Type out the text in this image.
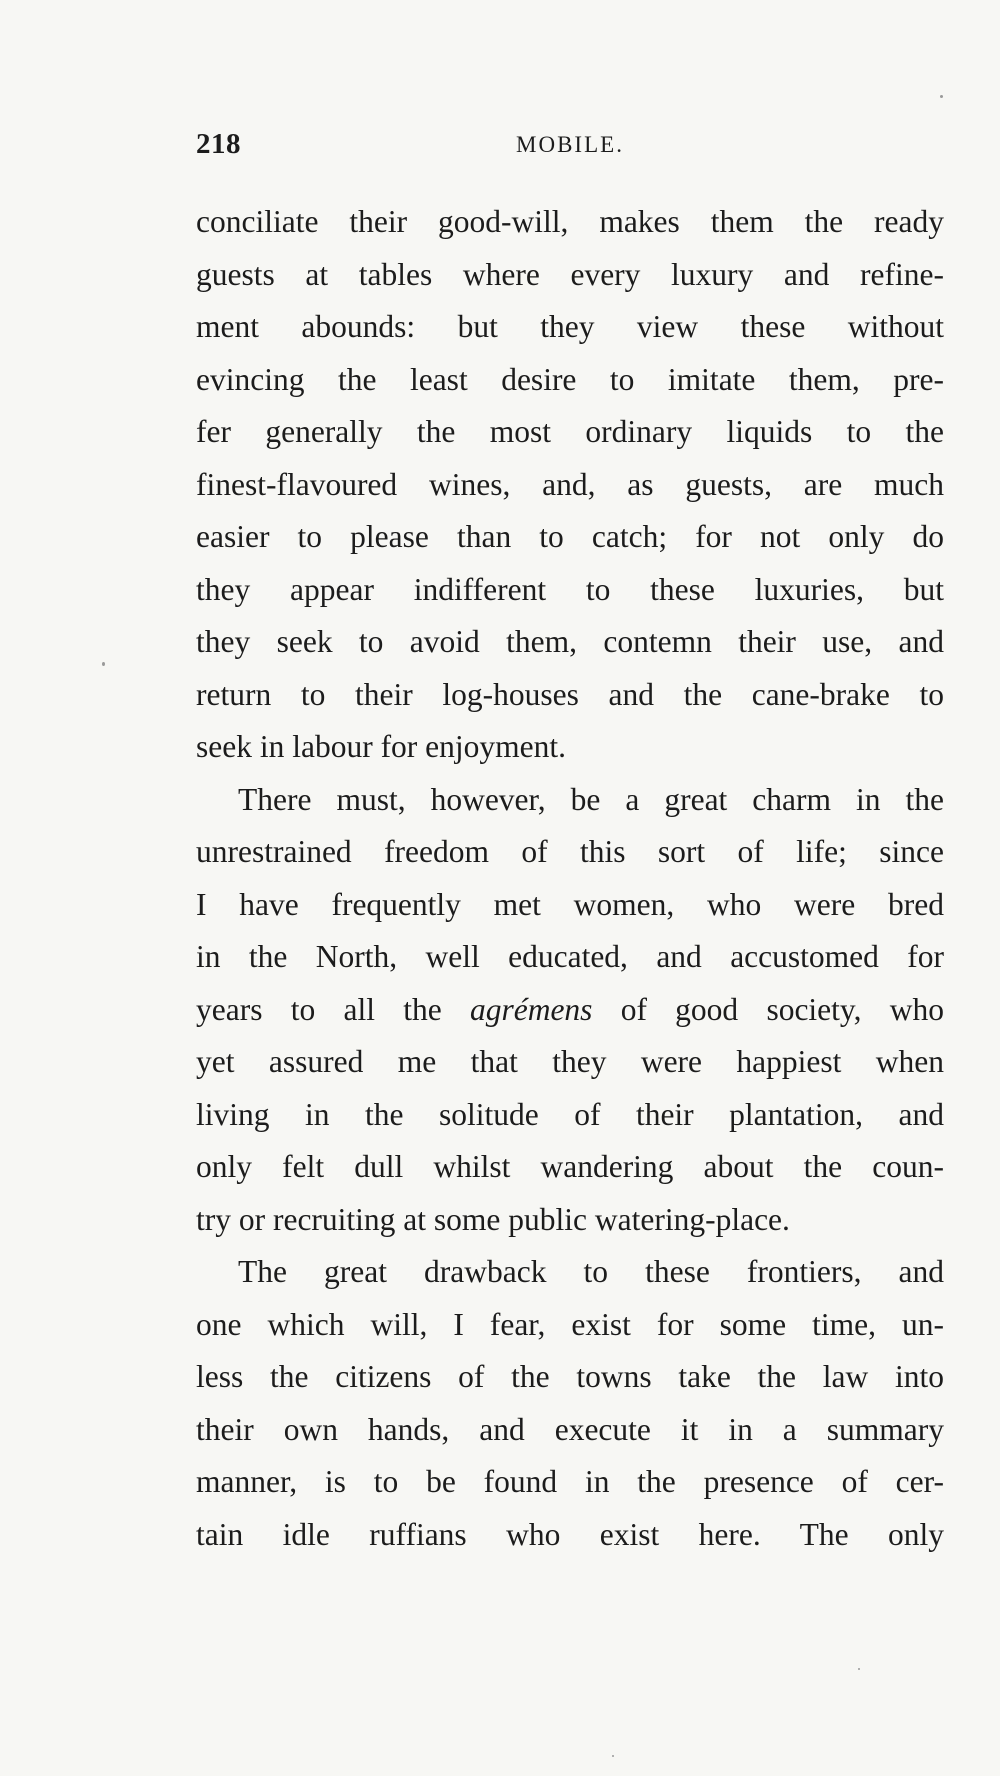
218	MOBILE.
conciliate their good-will, makes them the ready
guests at tables where every luxury and refine-
ment abounds: but they view these without
evincing the least desire to imitate them, pre-
fer generally the most ordinary liquids to the
finest-flavoured wines, and, as guests, are much
easier to please than to catch; for not only do
they appear indifferent to these luxuries, but
they seek to avoid them, contemn their use, and
return to their log-houses and the cane-brake to
seek in labour for enjoyment.
There must, however, be a great charm in the
unrestrained freedom of this sort of life; since
I have frequently met women, who were bred
in the North, well educated, and accustomed for
years to all the agrémens of good society, who
yet assured me that they were happiest when
living in the solitude of their plantation, and
only felt dull whilst wandering about the coun-
try or recruiting at some public watering-place.
The great drawback to these frontiers, and
one which will, I fear, exist for some time, un-
less the citizens of the towns take the law into
their own hands, and execute it in a summary
manner, is to be found in the presence of cer-
tain idle ruffians who exist here. The only
